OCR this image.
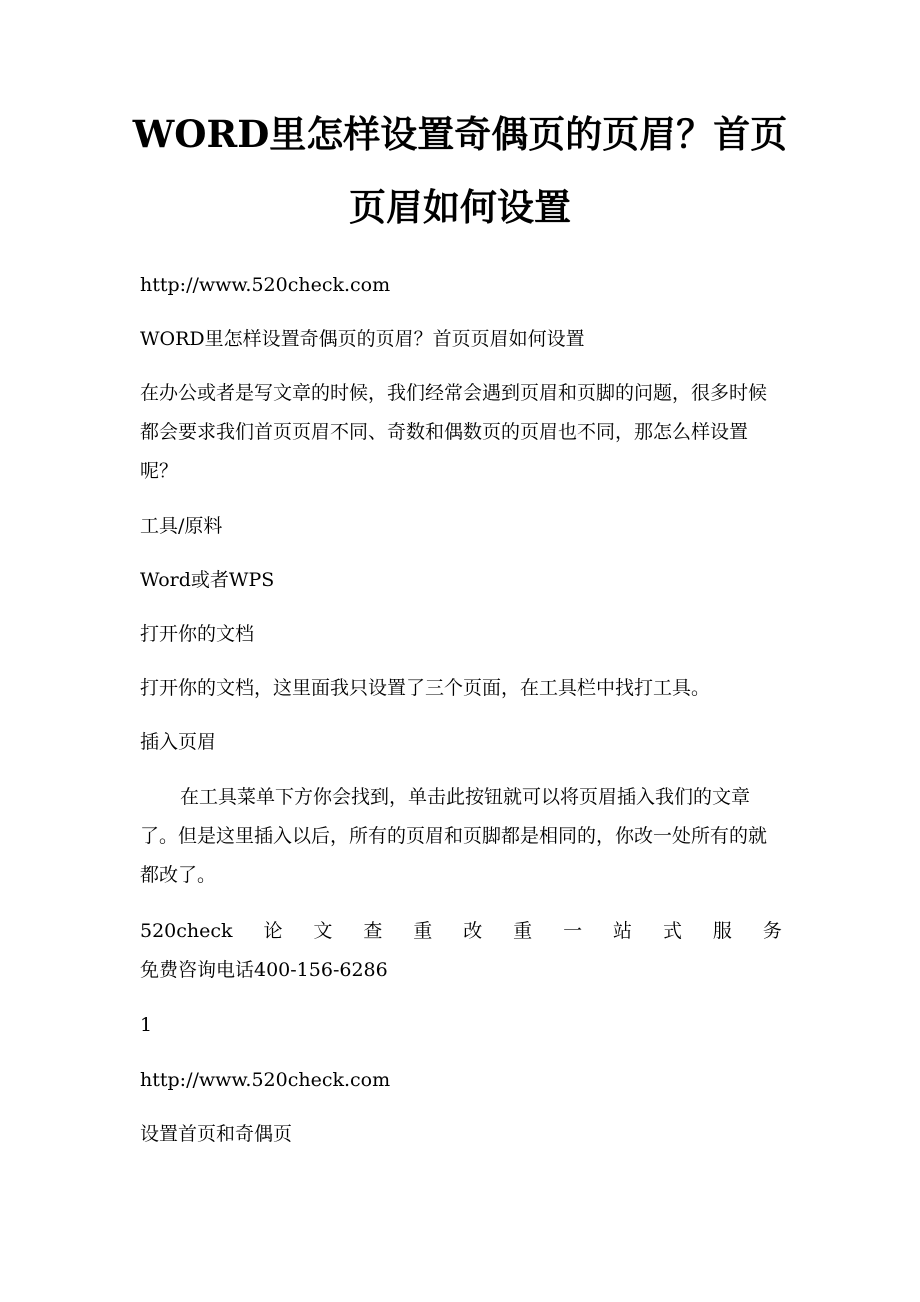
WORD里怎样设置奇偶页的页眉？首页
页眉如何设置
http://www.520check.com
WORD里怎样设置奇偶页的页眉？首页页眉如何设置
在办公或者是写文章的时候，我们经常会遇到页眉和页脚的问题，很多时候都会要求我们首页页眉不同、奇数和偶数页的页眉也不同，那怎么样设置呢？
工具/原料
Word或者WPS
打开你的文档
打开你的文档，这里面我只设置了三个页面，在工具栏中找打工具。
插入页眉
在工具菜单下方你会找到，单击此按钮就可以将页眉插入我们的文章了。但是这里插入以后，所有的页眉和页脚都是相同的，你改一处所有的就都改了。
520check 论 文 查 重 改 重 一 站 式 服 务
免费咨询电话400-156-6286
1
http://www.520check.com
设置首页和奇偶页
